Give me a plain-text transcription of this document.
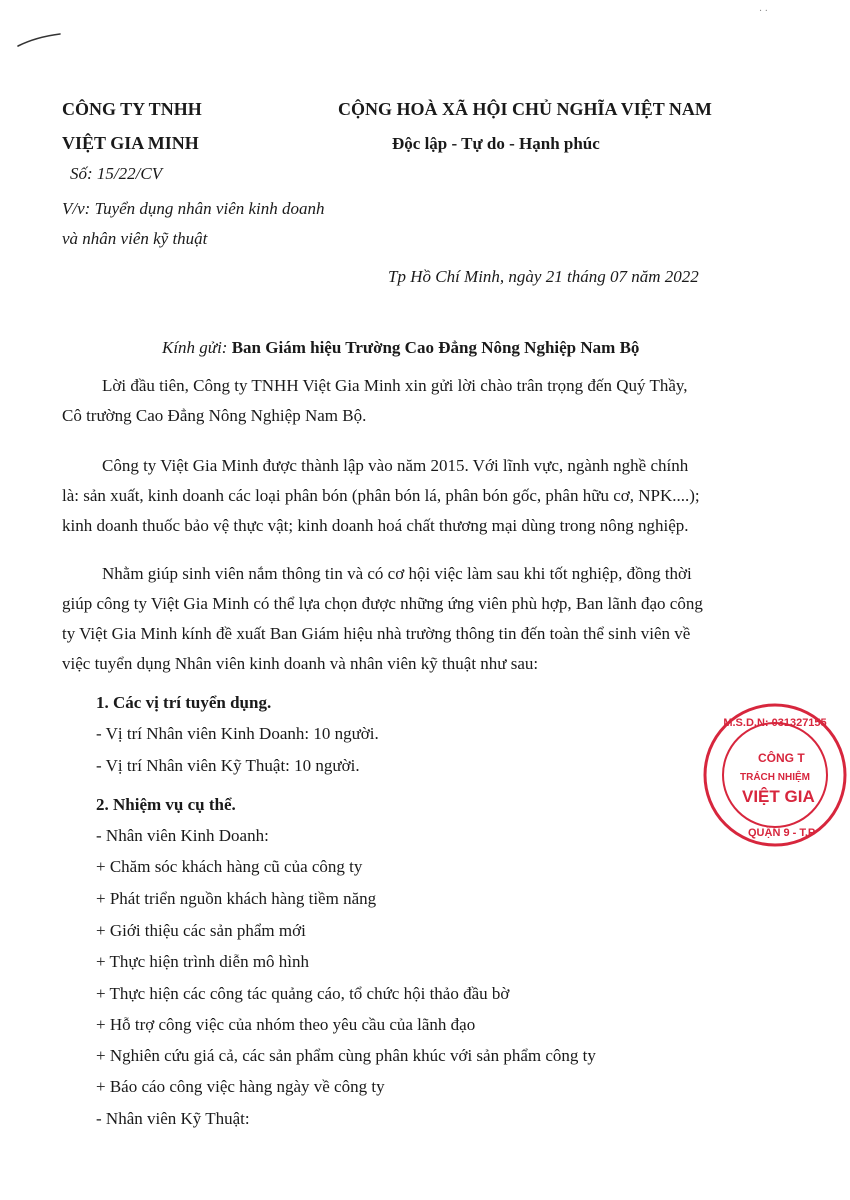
· ·
CÔNG TY TNHH
VIỆT GIA MINH
CỘNG HOÀ XÃ HỘI CHỦ NGHĨA VIỆT NAM
Độc lập - Tự do - Hạnh phúc
Số: 15/22/CV
V/v: Tuyển dụng nhân viên kinh doanh
và nhân viên kỹ thuật
Tp Hồ Chí Minh, ngày 21 tháng 07 năm 2022
Kính gửi: Ban Giám hiệu Trường Cao Đẳng Nông Nghiệp Nam Bộ
Lời đầu tiên, Công ty TNHH Việt Gia Minh xin gửi lời chào trân trọng đến Quý Thầy,
Cô trường Cao Đẳng Nông Nghiệp Nam Bộ.
Công ty Việt Gia Minh được thành lập vào năm 2015. Với lĩnh vực, ngành nghề chính
là: sản xuất, kinh doanh các loại phân bón (phân bón lá, phân bón gốc, phân hữu cơ, NPK....);
kinh doanh thuốc bảo vệ thực vật; kinh doanh hoá chất thương mại dùng trong nông nghiệp.
Nhằm giúp sinh viên nắm thông tin và có cơ hội việc làm sau khi tốt nghiệp, đồng thời
giúp công ty Việt Gia Minh có thể lựa chọn được những ứng viên phù hợp, Ban lãnh đạo công
ty Việt Gia Minh kính đề xuất Ban Giám hiệu nhà trường thông tin đến toàn thể sinh viên về
việc tuyển dụng Nhân viên kinh doanh và nhân viên kỹ thuật như sau:
1. Các vị trí tuyển dụng.
- Vị trí Nhân viên Kinh Doanh: 10 người.
- Vị trí Nhân viên Kỹ Thuật: 10 người.
2. Nhiệm vụ cụ thể.
- Nhân viên Kinh Doanh:
+ Chăm sóc khách hàng cũ của công ty
+ Phát triển nguồn khách hàng tiềm năng
+ Giới thiệu các sản phẩm mới
+ Thực hiện trình diễn mô hình
+ Thực hiện các công tác quảng cáo, tổ chức hội thảo đầu bờ
+ Hỗ trợ công việc của nhóm theo yêu cầu của lãnh đạo
+ Nghiên cứu giá cả, các sản phẩm cùng phân khúc với sản phẩm công ty
+ Báo cáo công việc hàng ngày về công ty
- Nhân viên Kỹ Thuật:
M.S.D.N: 031327155
CÔNG T
TRÁCH NHIỆM
VIỆT GIA
QUẬN 9 - T.P
